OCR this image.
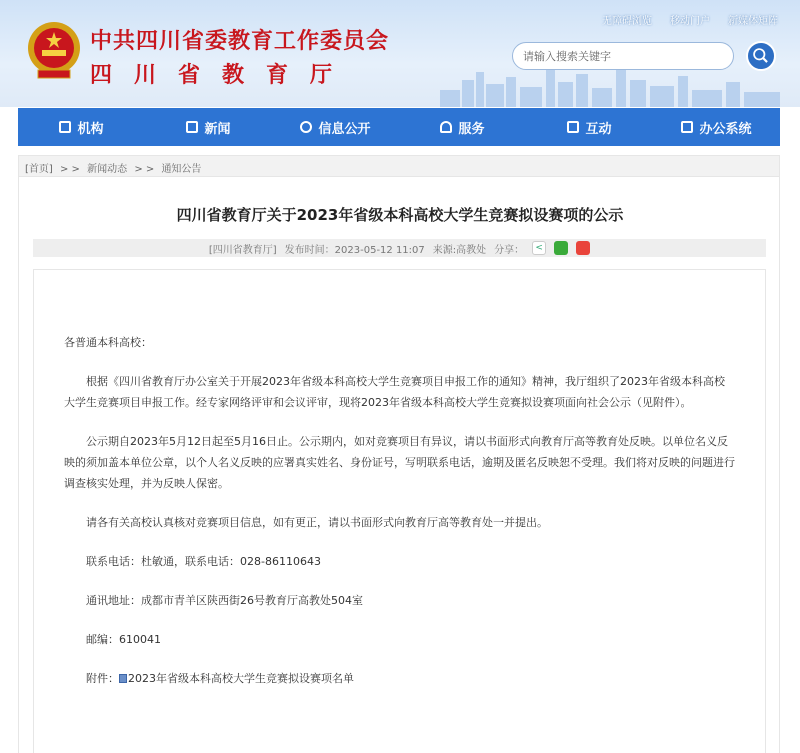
中共四川省委教育工作委员会
四川省教育厅
无障碍浏览 移动门户 新媒体矩阵
请输入搜索关键字
机构	新闻	信息公开	服务	互动	办公系统
[首页] > > 新闻动态 > > 通知公告
四川省教育厅关于2023年省级本科高校大学生竞赛拟设赛项的公示
[四川省教育厅] 发布时间：2023-05-12 11:07 来源:高教处 分享：	<

各普通本科高校：

根据《四川省教育厅办公室关于开展2023年省级本科高校大学生竞赛项目申报工作的通知》精神，我厅组织了2023年省级本科高校大学生竞赛项目申报工作。经专家网络评审和会议评审，现将2023年省级本科高校大学生竞赛拟设赛项面向社会公示（见附件）。

公示期自2023年5月12日起至5月16日止。公示期内，如对竞赛项目有异议，请以书面形式向教育厅高等教育处反映。以单位名义反映的须加盖本单位公章，以个人名义反映的应署真实姓名、身份证号，写明联系电话，逾期及匿名反映恕不受理。我们将对反映的问题进行调查核实处理，并为反映人保密。

请各有关高校认真核对竞赛项目信息，如有更正，请以书面形式向教育厅高等教育处一并提出。

联系电话：杜敏通，联系电话：028-86110643

通讯地址：成都市青羊区陕西街26号教育厅高教处504室

邮编：610041

附件： 2023年省级本科高校大学生竞赛拟设赛项名单
